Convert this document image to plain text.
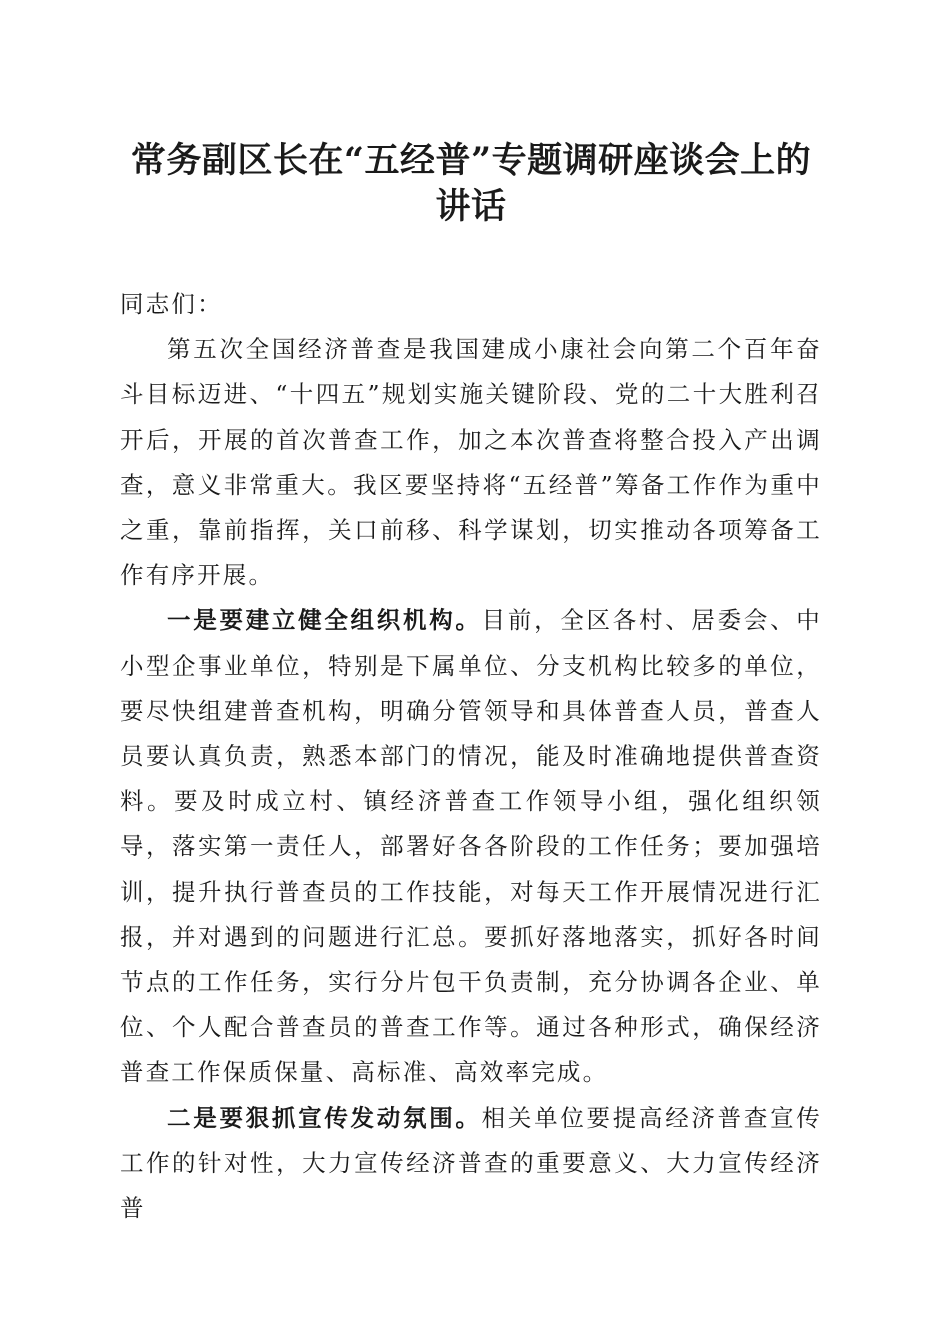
常务副区长在“五经普”专题调研座谈会上的
讲话

同志们：

第五次全国经济普查是我国建成小康社会向第二个百年奋斗目标迈进、“十四五”规划实施关键阶段、党的二十大胜利召开后，开展的首次普查工作，加之本次普查将整合投入产出调查，意义非常重大。我区要坚持将“五经普”筹备工作作为重中之重，靠前指挥，关口前移、科学谋划，切实推动各项筹备工作有序开展。

一是要建立健全组织机构。目前，全区各村、居委会、中小型企事业单位，特别是下属单位、分支机构比较多的单位，要尽快组建普查机构，明确分管领导和具体普查人员，普查人员要认真负责，熟悉本部门的情况，能及时准确地提供普查资料。要及时成立村、镇经济普查工作领导小组，强化组织领导，落实第一责任人，部署好各各阶段的工作任务；要加强培训，提升执行普查员的工作技能，对每天工作开展情况进行汇报，并对遇到的问题进行汇总。要抓好落地落实，抓好各时间节点的工作任务，实行分片包干负责制，充分协调各企业、单位、个人配合普查员的普查工作等。通过各种形式，确保经济普查工作保质保量、高标准、高效率完成。

二是要狠抓宣传发动氛围。相关单位要提高经济普查宣传工作的针对性，大力宣传经济普查的重要意义、大力宣传经济普
